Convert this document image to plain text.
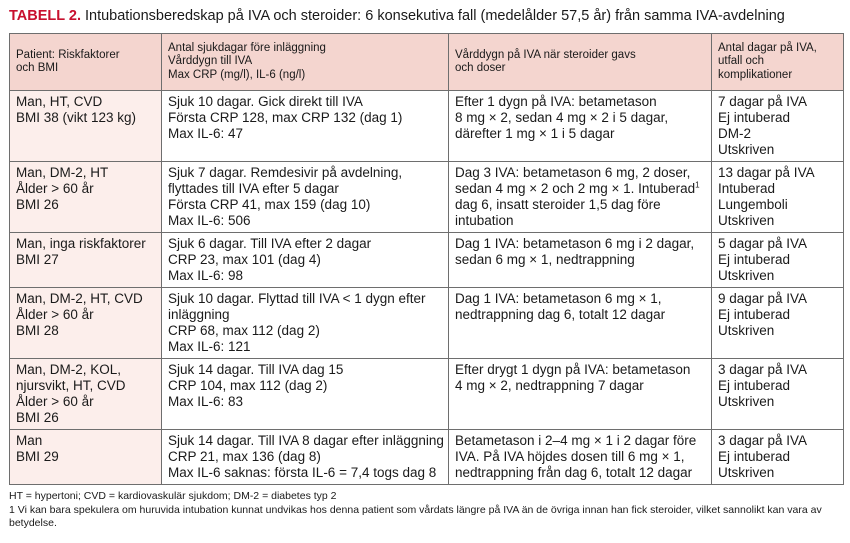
TABELL 2. Intubationsberedskap på IVA och steroider: 6 konsekutiva fall (medelålder 57,5 år) från samma IVA-avdelning
Patient: Riskfaktorer
och BMI	Antal sjukdagar före inläggning
Vårddygn till IVA
Max CRP (mg/l), IL-6 (ng/l)	Vårddygn på IVA när steroider gavs
och doser	Antal dagar på IVA,
utfall och
komplikationer

Man, HT, CVD
BMI 38 (vikt 123 kg)	Sjuk 10 dagar. Gick direkt till IVA
Första CRP 128, max CRP 132 (dag 1)
Max IL-6: 47	Efter 1 dygn på IVA: betametason
8 mg × 2, sedan 4 mg × 2 i 5 dagar,
därefter 1 mg × 1 i 5 dagar	7 dagar på IVA
Ej intuberad
DM-2
Utskriven

Man, DM-2, HT
Ålder > 60 år
BMI 26	Sjuk 7 dagar. Remdesivir på avdelning,
flyttades till IVA efter 5 dagar
Första CRP 41, max 159 (dag 10)
Max IL-6: 506	Dag 3 IVA: betametason 6 mg, 2 doser,
sedan 4 mg × 2 och 2 mg × 1. Intuberad$^1$
dag 6, insatt steroider 1,5 dag före
intubation	13 dagar på IVA
Intuberad
Lungemboli
Utskriven

Man, inga riskfaktorer
BMI 27	Sjuk 6 dagar. Till IVA efter 2 dagar
CRP 23, max 101 (dag 4)
Max IL-6: 98	Dag 1 IVA: betametason 6 mg i 2 dagar,
sedan 6 mg × 1, nedtrappning	5 dagar på IVA
Ej intuberad
Utskriven

Man, DM-2, HT, CVD
Ålder > 60 år
BMI 28	Sjuk 10 dagar. Flyttad till IVA < 1 dygn efter
inläggning
CRP 68, max 112 (dag 2)
Max IL-6: 121	Dag 1 IVA: betametason 6 mg × 1,
nedtrappning dag 6, totalt 12 dagar	9 dagar på IVA
Ej intuberad
Utskriven

Man, DM-2, KOL,
njursvikt, HT, CVD
Ålder > 60 år
BMI 26	Sjuk 14 dagar. Till IVA dag 15
CRP 104, max 112 (dag 2)
Max IL-6: 83	Efter drygt 1 dygn på IVA: betametason
4 mg × 2, nedtrappning 7 dagar	3 dagar på IVA
Ej intuberad
Utskriven

Man
BMI 29	Sjuk 14 dagar. Till IVA 8 dagar efter inläggning
CRP 21, max 136 (dag 8)
Max IL-6 saknas: första IL-6 = 7,4 togs dag 8	Betametason i 2–4 mg × 1 i 2 dagar före
IVA. På IVA höjdes dosen till 6 mg × 1,
nedtrappning från dag 6, totalt 12 dagar	3 dagar på IVA
Ej intuberad
Utskriven
HT = hypertoni; CVD = kardiovaskulär sjukdom; DM-2 = diabetes typ 2
1 Vi kan bara spekulera om huruvida intubation kunnat undvikas hos denna patient som vårdats längre på IVA än de övriga innan han fick steroider, vilket sannolikt kan vara av betydelse.
